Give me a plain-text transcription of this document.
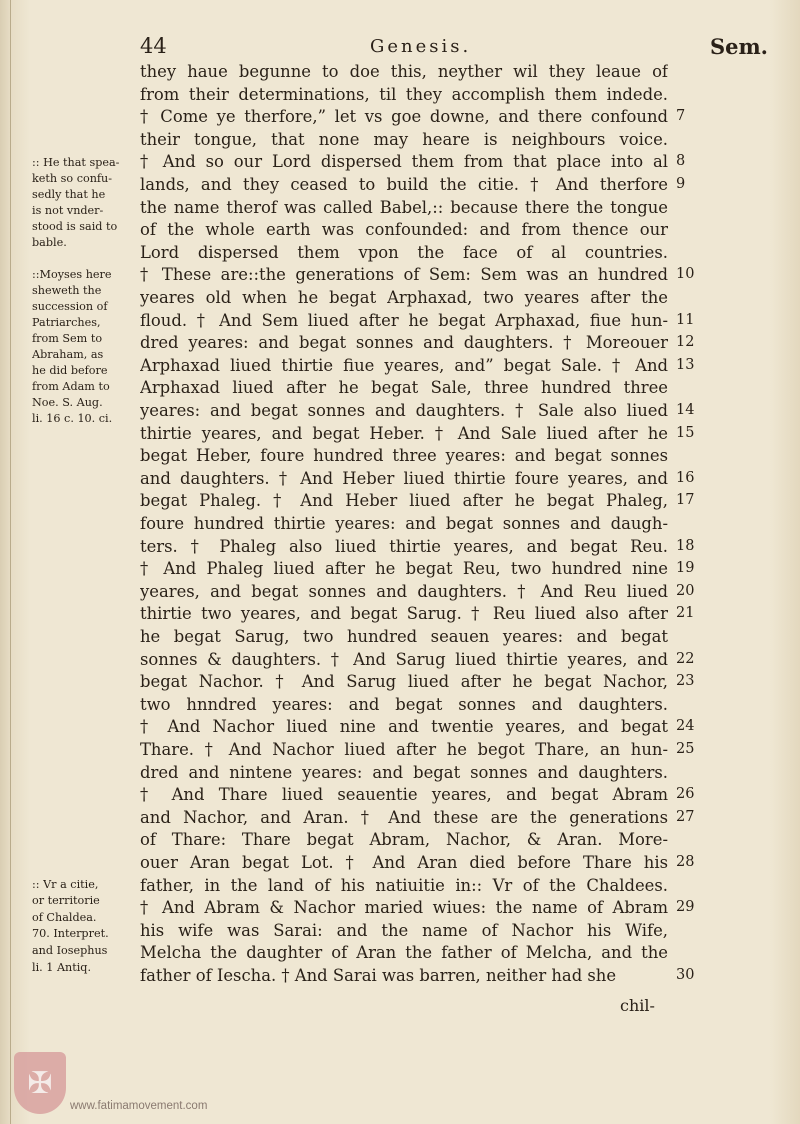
44	Genesis.	Sem.
:: He that spea-
keth so confu-
sedly that he
is not vnder-
stood is said to
bable.
::Moyses here
sheweth the
succession of
Patriarches,
from Sem to
Abraham, as
he did before
from Adam to
Noe. S. Aug.
li. 16 c. 10. ci.
:: Vr a citie,
or territorie
of Chaldea.
70. Interpret.
and Iosephus
li. 1 Antiq.
they haue begunne to doe this, neyther wil they leaue of
from their determinations, til they accomplish them indede.
† Come ye therfore,” let vs goe downe, and there confound
their tongue, that none may heare is neighbours voice.
† And so our Lord dispersed them from that place into al
lands, and they ceased to build the citie. † And therfore
the name therof was called Babel,:: because there the tongue
of the whole earth was confounded: and from thence our
Lord dispersed them vpon the face of al countries.
† These are::the generations of Sem: Sem was an hundred
yeares old when he begat Arphaxad, two yeares after the
floud. † And Sem liued after he begat Arphaxad, fiue hun-
dred yeares: and begat sonnes and daughters. † Moreouer
Arphaxad liued thirtie fiue yeares, and” begat Sale. † And
Arphaxad liued after he begat Sale, three hundred three
yeares: and begat sonnes and daughters. † Sale also liued
thirtie yeares, and begat Heber. † And Sale liued after he
begat Heber, foure hundred three yeares: and begat sonnes
and daughters. † And Heber liued thirtie foure yeares, and
begat Phaleg. † And Heber liued after he begat Phaleg,
foure hundred thirtie yeares: and begat sonnes and daugh-
ters. † Phaleg also liued thirtie yeares, and begat Reu.
† And Phaleg liued after he begat Reu, two hundred nine
yeares, and begat sonnes and daughters. † And Reu liued
thirtie two yeares, and begat Sarug. † Reu liued also after
he begat Sarug, two hundred seauen yeares: and begat
sonnes & daughters. † And Sarug liued thirtie yeares, and
begat Nachor. † And Sarug liued after he begat Nachor,
two hnndred yeares: and begat sonnes and daughters.
† And Nachor liued nine and twentie yeares, and begat
Thare. † And Nachor liued after he begot Thare, an hun-
dred and nintene yeares: and begat sonnes and daughters.
† And Thare liued seauentie yeares, and begat Abram
and Nachor, and Aran. † And these are the generations
of Thare: Thare begat Abram, Nachor, & Aran. More-
ouer Aran begat Lot. † And Aran died before Thare his
father, in the land of his natiuitie in:: Vr of the Chaldees.
† And Abram & Nachor maried wiues: the name of Abram
his wife was Sarai: and the name of Nachor his Wife,
Melcha the daughter of Aran the father of Melcha, and the
father of Iescha. † And Sarai was barren, neither had she
7
8
9
10
11
12
13
14
15
16
17
18
19
20
21
22
23
24
25
26
27
28
29
30
chil-
✠
www.fatimamovement.com
